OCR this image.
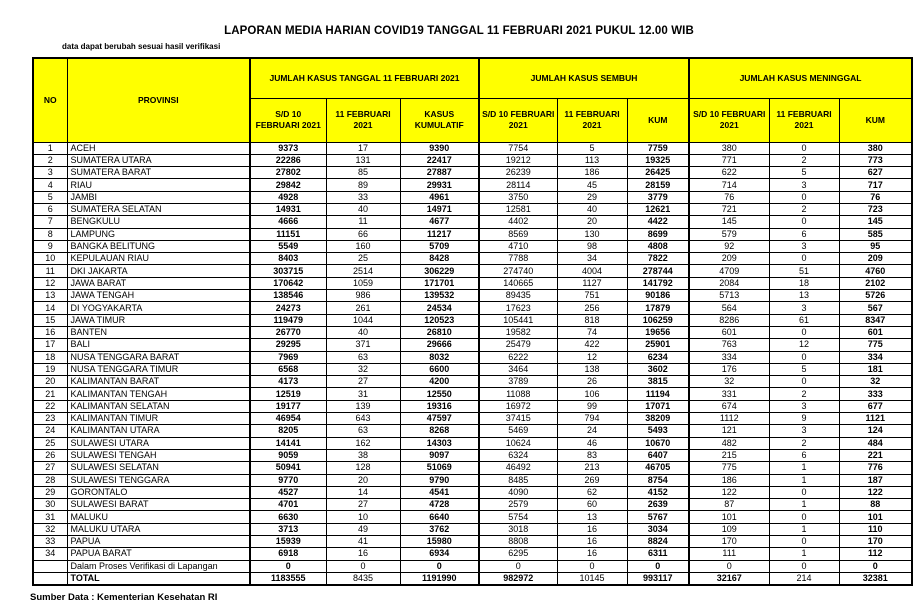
LAPORAN MEDIA HARIAN COVID19 TANGGAL 11 FEBRUARI 2021 PUKUL 12.00 WIB
data dapat berubah sesuai hasil verifikasi
NO	PROVINSI	JUMLAH KASUS TANGGAL 11 FEBRUARI 2021			JUMLAH KASUS SEMBUH			JUMLAH KASUS MENINGGAL		
		S/D 10 FEBRUARI 2021	11 FEBRUARI 2021	KASUS KUMULATIF	S/D 10 FEBRUARI 2021	11 FEBRUARI 2021	KUM	S/D 10 FEBRUARI 2021	11 FEBRUARI 2021	KUM
1	ACEH	9373	17	9390	7754	5	7759	380	0	380
2	SUMATERA UTARA	22286	131	22417	19212	113	19325	771	2	773
3	SUMATERA BARAT	27802	85	27887	26239	186	26425	622	5	627
4	RIAU	29842	89	29931	28114	45	28159	714	3	717
5	JAMBI	4928	33	4961	3750	29	3779	76	0	76
6	SUMATERA SELATAN	14931	40	14971	12581	40	12621	721	2	723
7	BENGKULU	4666	11	4677	4402	20	4422	145	0	145
8	LAMPUNG	11151	66	11217	8569	130	8699	579	6	585
9	BANGKA BELITUNG	5549	160	5709	4710	98	4808	92	3	95
10	KEPULAUAN RIAU	8403	25	8428	7788	34	7822	209	0	209
11	DKI JAKARTA	303715	2514	306229	274740	4004	278744	4709	51	4760
12	JAWA BARAT	170642	1059	171701	140665	1127	141792	2084	18	2102
13	JAWA TENGAH	138546	986	139532	89435	751	90186	5713	13	5726
14	DI YOGYAKARTA	24273	261	24534	17623	256	17879	564	3	567
15	JAWA TIMUR	119479	1044	120523	105441	818	106259	8286	61	8347
16	BANTEN	26770	40	26810	19582	74	19656	601	0	601
17	BALI	29295	371	29666	25479	422	25901	763	12	775
18	NUSA TENGGARA BARAT	7969	63	8032	6222	12	6234	334	0	334
19	NUSA TENGGARA TIMUR	6568	32	6600	3464	138	3602	176	5	181
20	KALIMANTAN BARAT	4173	27	4200	3789	26	3815	32	0	32
21	KALIMANTAN TENGAH	12519	31	12550	11088	106	11194	331	2	333
22	KALIMANTAN SELATAN	19177	139	19316	16972	99	17071	674	3	677
23	KALIMANTAN TIMUR	46954	643	47597	37415	794	38209	1112	9	1121
24	KALIMANTAN UTARA	8205	63	8268	5469	24	5493	121	3	124
25	SULAWESI UTARA	14141	162	14303	10624	46	10670	482	2	484
26	SULAWESI TENGAH	9059	38	9097	6324	83	6407	215	6	221
27	SULAWESI SELATAN	50941	128	51069	46492	213	46705	775	1	776
28	SULAWESI TENGGARA	9770	20	9790	8485	269	8754	186	1	187
29	GORONTALO	4527	14	4541	4090	62	4152	122	0	122
30	SULAWESI BARAT	4701	27	4728	2579	60	2639	87	1	88
31	MALUKU	6630	10	6640	5754	13	5767	101	0	101
32	MALUKU UTARA	3713	49	3762	3018	16	3034	109	1	110
33	PAPUA	15939	41	15980	8808	16	8824	170	0	170
34	PAPUA BARAT	6918	16	6934	6295	16	6311	111	1	112
	Dalam Proses Verifikasi di Lapangan	0	0	0	0	0	0	0	0	0
	TOTAL	1183555	8435	1191990	982972	10145	993117	32167	214	32381
Sumber Data : Kementerian Kesehatan RI
